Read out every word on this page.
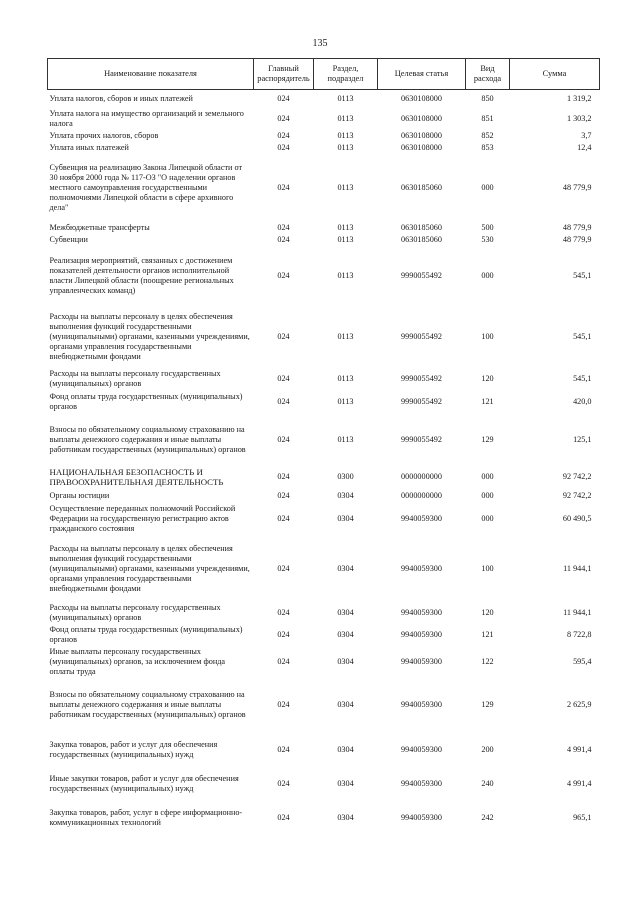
135
Наименование показателя	Главный распорядитель	Раздел, подраздел	Целевая статья	Вид расхода	Сумма
Уплата налогов, сборов и иных платежей	024	0113	0630108000	850	1 319,2
Уплата налога на имущество организаций и земельного налога	024	0113	0630108000	851	1 303,2
Уплата прочих налогов, сборов	024	0113	0630108000	852	3,7
Уплата иных платежей	024	0113	0630108000	853	12,4
Субвенция на реализацию Закона Липецкой области от 30 ноября 2000 года № 117-ОЗ "О наделении органов местного самоуправления государственными полномочиями Липецкой области в сфере архивного дела"	024	0113	0630185060	000	48 779,9
Межбюджетные трансферты	024	0113	0630185060	500	48 779,9
Субвенции	024	0113	0630185060	530	48 779,9
Реализация мероприятий, связанных с достижением показателей деятельности органов исполнительной власти Липецкой области (поощрение региональных управленческих команд)	024	0113	9990055492	000	545,1
Расходы на выплаты персоналу в целях обеспечения выполнения функций государственными (муниципальными) органами, казенными учреждениями, органами управления государственными внебюджетными фондами	024	0113	9990055492	100	545,1
Расходы на выплаты персоналу государственных (муниципальных) органов	024	0113	9990055492	120	545,1
Фонд оплаты труда государственных (муниципальных) органов	024	0113	9990055492	121	420,0
Взносы по обязательному социальному страхованию на выплаты денежного содержания и иные выплаты работникам государственных (муниципальных) органов	024	0113	9990055492	129	125,1
НАЦИОНАЛЬНАЯ БЕЗОПАСНОСТЬ И ПРАВООХРАНИТЕЛЬНАЯ ДЕЯТЕЛЬНОСТЬ	024	0300	0000000000	000	92 742,2
Органы юстиции	024	0304	0000000000	000	92 742,2
Осуществление переданных полномочий Российской Федерации на государственную регистрацию актов гражданского состояния	024	0304	9940059300	000	60 490,5
Расходы на выплаты персоналу в целях обеспечения выполнения функций государственными (муниципальными) органами, казенными учреждениями, органами управления государственными внебюджетными фондами	024	0304	9940059300	100	11 944,1
Расходы на выплаты персоналу государственных (муниципальных) органов	024	0304	9940059300	120	11 944,1
Фонд оплаты труда государственных (муниципальных) органов	024	0304	9940059300	121	8 722,8
Иные выплаты персоналу государственных (муниципальных) органов, за исключением фонда оплаты труда	024	0304	9940059300	122	595,4
Взносы по обязательному социальному страхованию на выплаты денежного содержания и иные выплаты работникам государственных (муниципальных) органов	024	0304	9940059300	129	2 625,9
Закупка товаров, работ и услуг для обеспечения государственных (муниципальных) нужд	024	0304	9940059300	200	4 991,4
Иные закупки товаров, работ и услуг для обеспечения государственных (муниципальных) нужд	024	0304	9940059300	240	4 991,4
Закупка товаров, работ, услуг в сфере информационно-коммуникационных технологий	024	0304	9940059300	242	965,1
